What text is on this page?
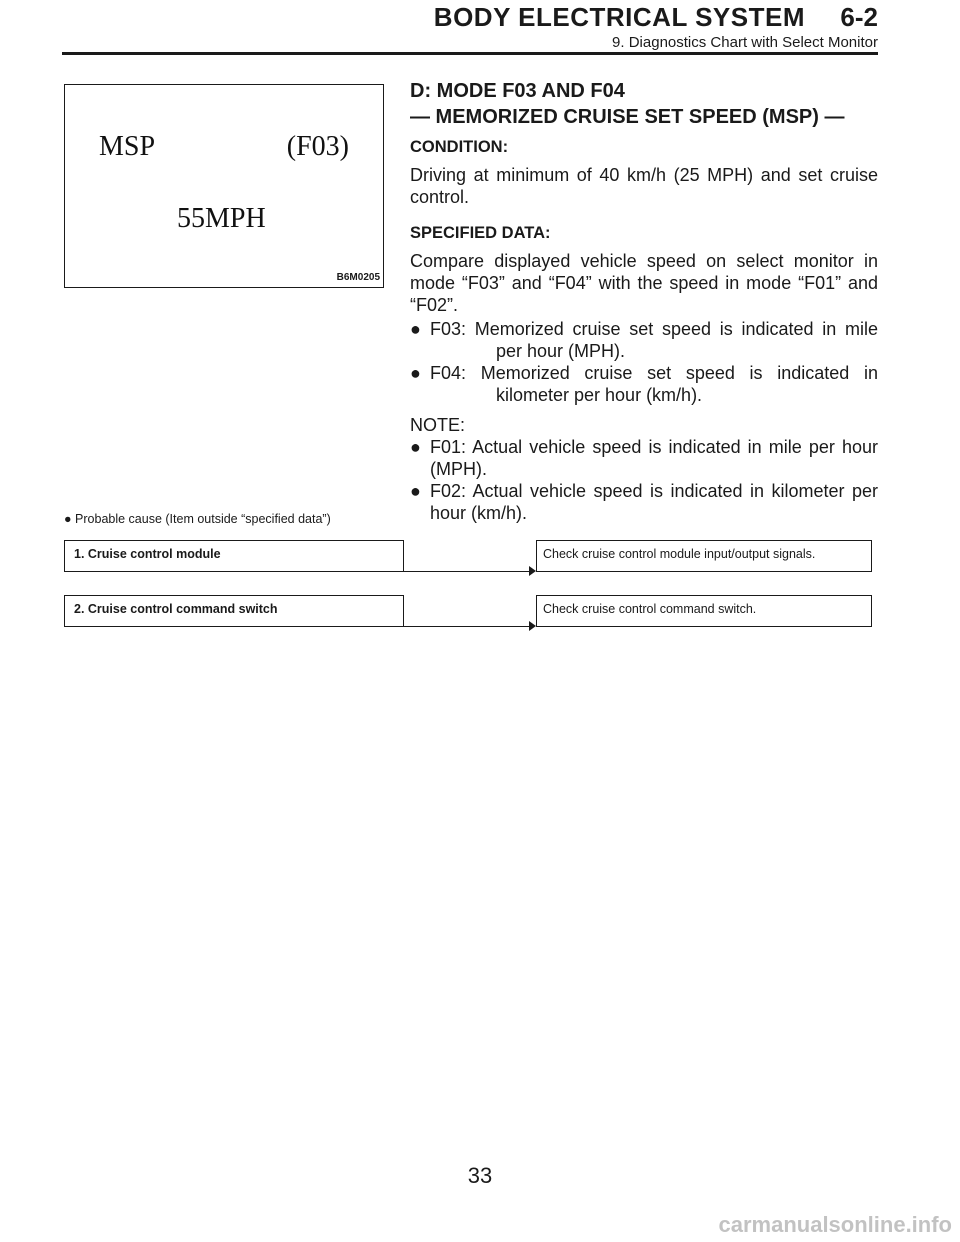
BODY ELECTRICAL SYSTEM 6-2
9. Diagnostics Chart with Select Monitor
MSP	(F03)
55MPH
B6M0205
D: MODE F03 AND F04
— MEMORIZED CRUISE SET SPEED (MSP) —
CONDITION:
Driving at minimum of 40 km/h (25 MPH) and set cruise control.
SPECIFIED DATA:
Compare displayed vehicle speed on select monitor in mode “F03” and “F04” with the speed in mode “F01” and “F02”.
● F03: Memorized cruise set speed is indicated in mile per hour (MPH).
● F04: Memorized cruise set speed is indicated in kilometer per hour (km/h).
NOTE:
● F01: Actual vehicle speed is indicated in mile per hour (MPH).
● F02: Actual vehicle speed is indicated in kilometer per hour (km/h).
● Probable cause (Item outside “specified data”)
1. Cruise control module	Check cruise control module input/output signals.
2. Cruise control command switch	Check cruise control command switch.
33
carmanualsonline.info
